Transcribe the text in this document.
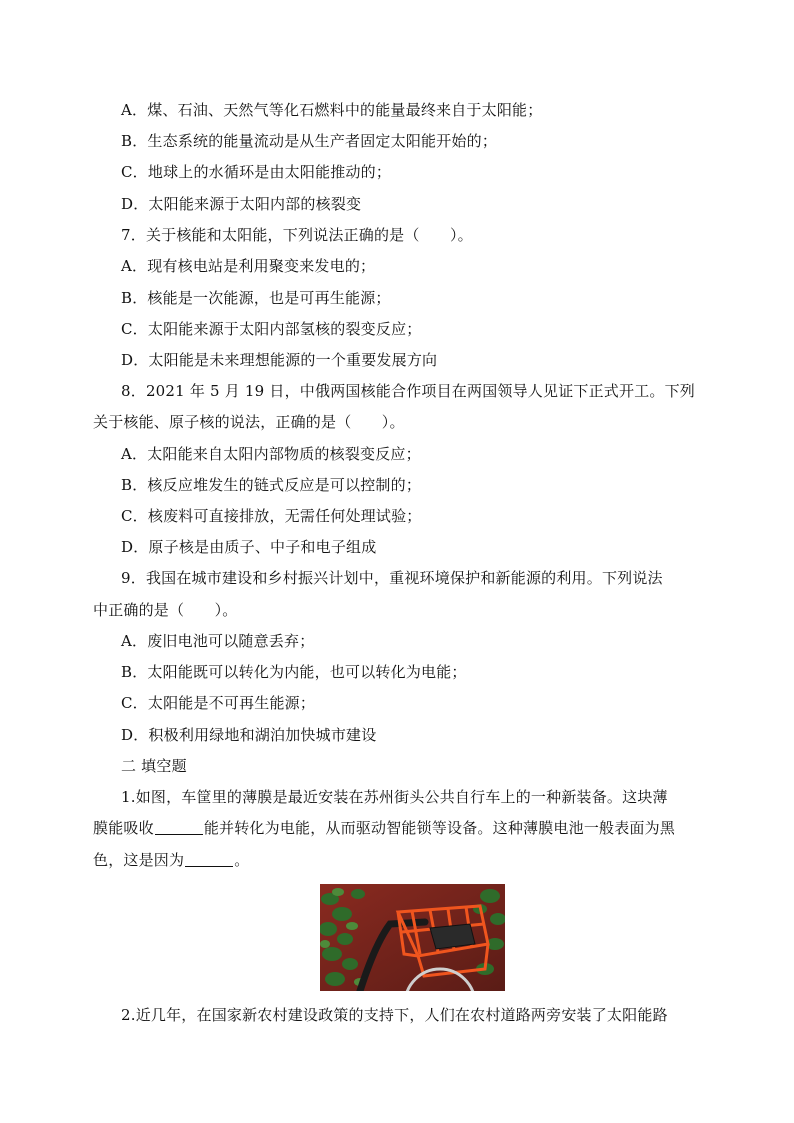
A．煤、石油、天然气等化石燃料中的能量最终来自于太阳能；
B．生态系统的能量流动是从生产者固定太阳能开始的；
C．地球上的水循环是由太阳能推动的；
D．太阳能来源于太阳内部的核裂变
7．关于核能和太阳能，下列说法正确的是（　　）。
A．现有核电站是利用聚变来发电的；
B．核能是一次能源，也是可再生能源；
C．太阳能来源于太阳内部氢核的裂变反应；
D．太阳能是未来理想能源的一个重要发展方向
8．2021 年 5 月 19 日，中俄两国核能合作项目在两国领导人见证下正式开工。下列
关于核能、原子核的说法，正确的是（　　）。
A．太阳能来自太阳内部物质的核裂变反应；
B．核反应堆发生的链式反应是可以控制的；
C．核废料可直接排放，无需任何处理试验；
D．原子核是由质子、中子和电子组成
9．我国在城市建设和乡村振兴计划中，重视环境保护和新能源的利用。下列说法
中正确的是（　　）。
A．废旧电池可以随意丢弃；
B．太阳能既可以转化为内能，也可以转化为电能；
C．太阳能是不可再生能源；
D．积极利用绿地和湖泊加快城市建设
二 填空题
1.如图，车筐里的薄膜是最近安装在苏州街头公共自行车上的一种新装备。这块薄
膜能吸收	能并转化为电能，从而驱动智能锁等设备。这种薄膜电池一般表面为黑
色，这是因为	。
2.近几年，在国家新农村建设政策的支持下，人们在农村道路两旁安装了太阳能路
